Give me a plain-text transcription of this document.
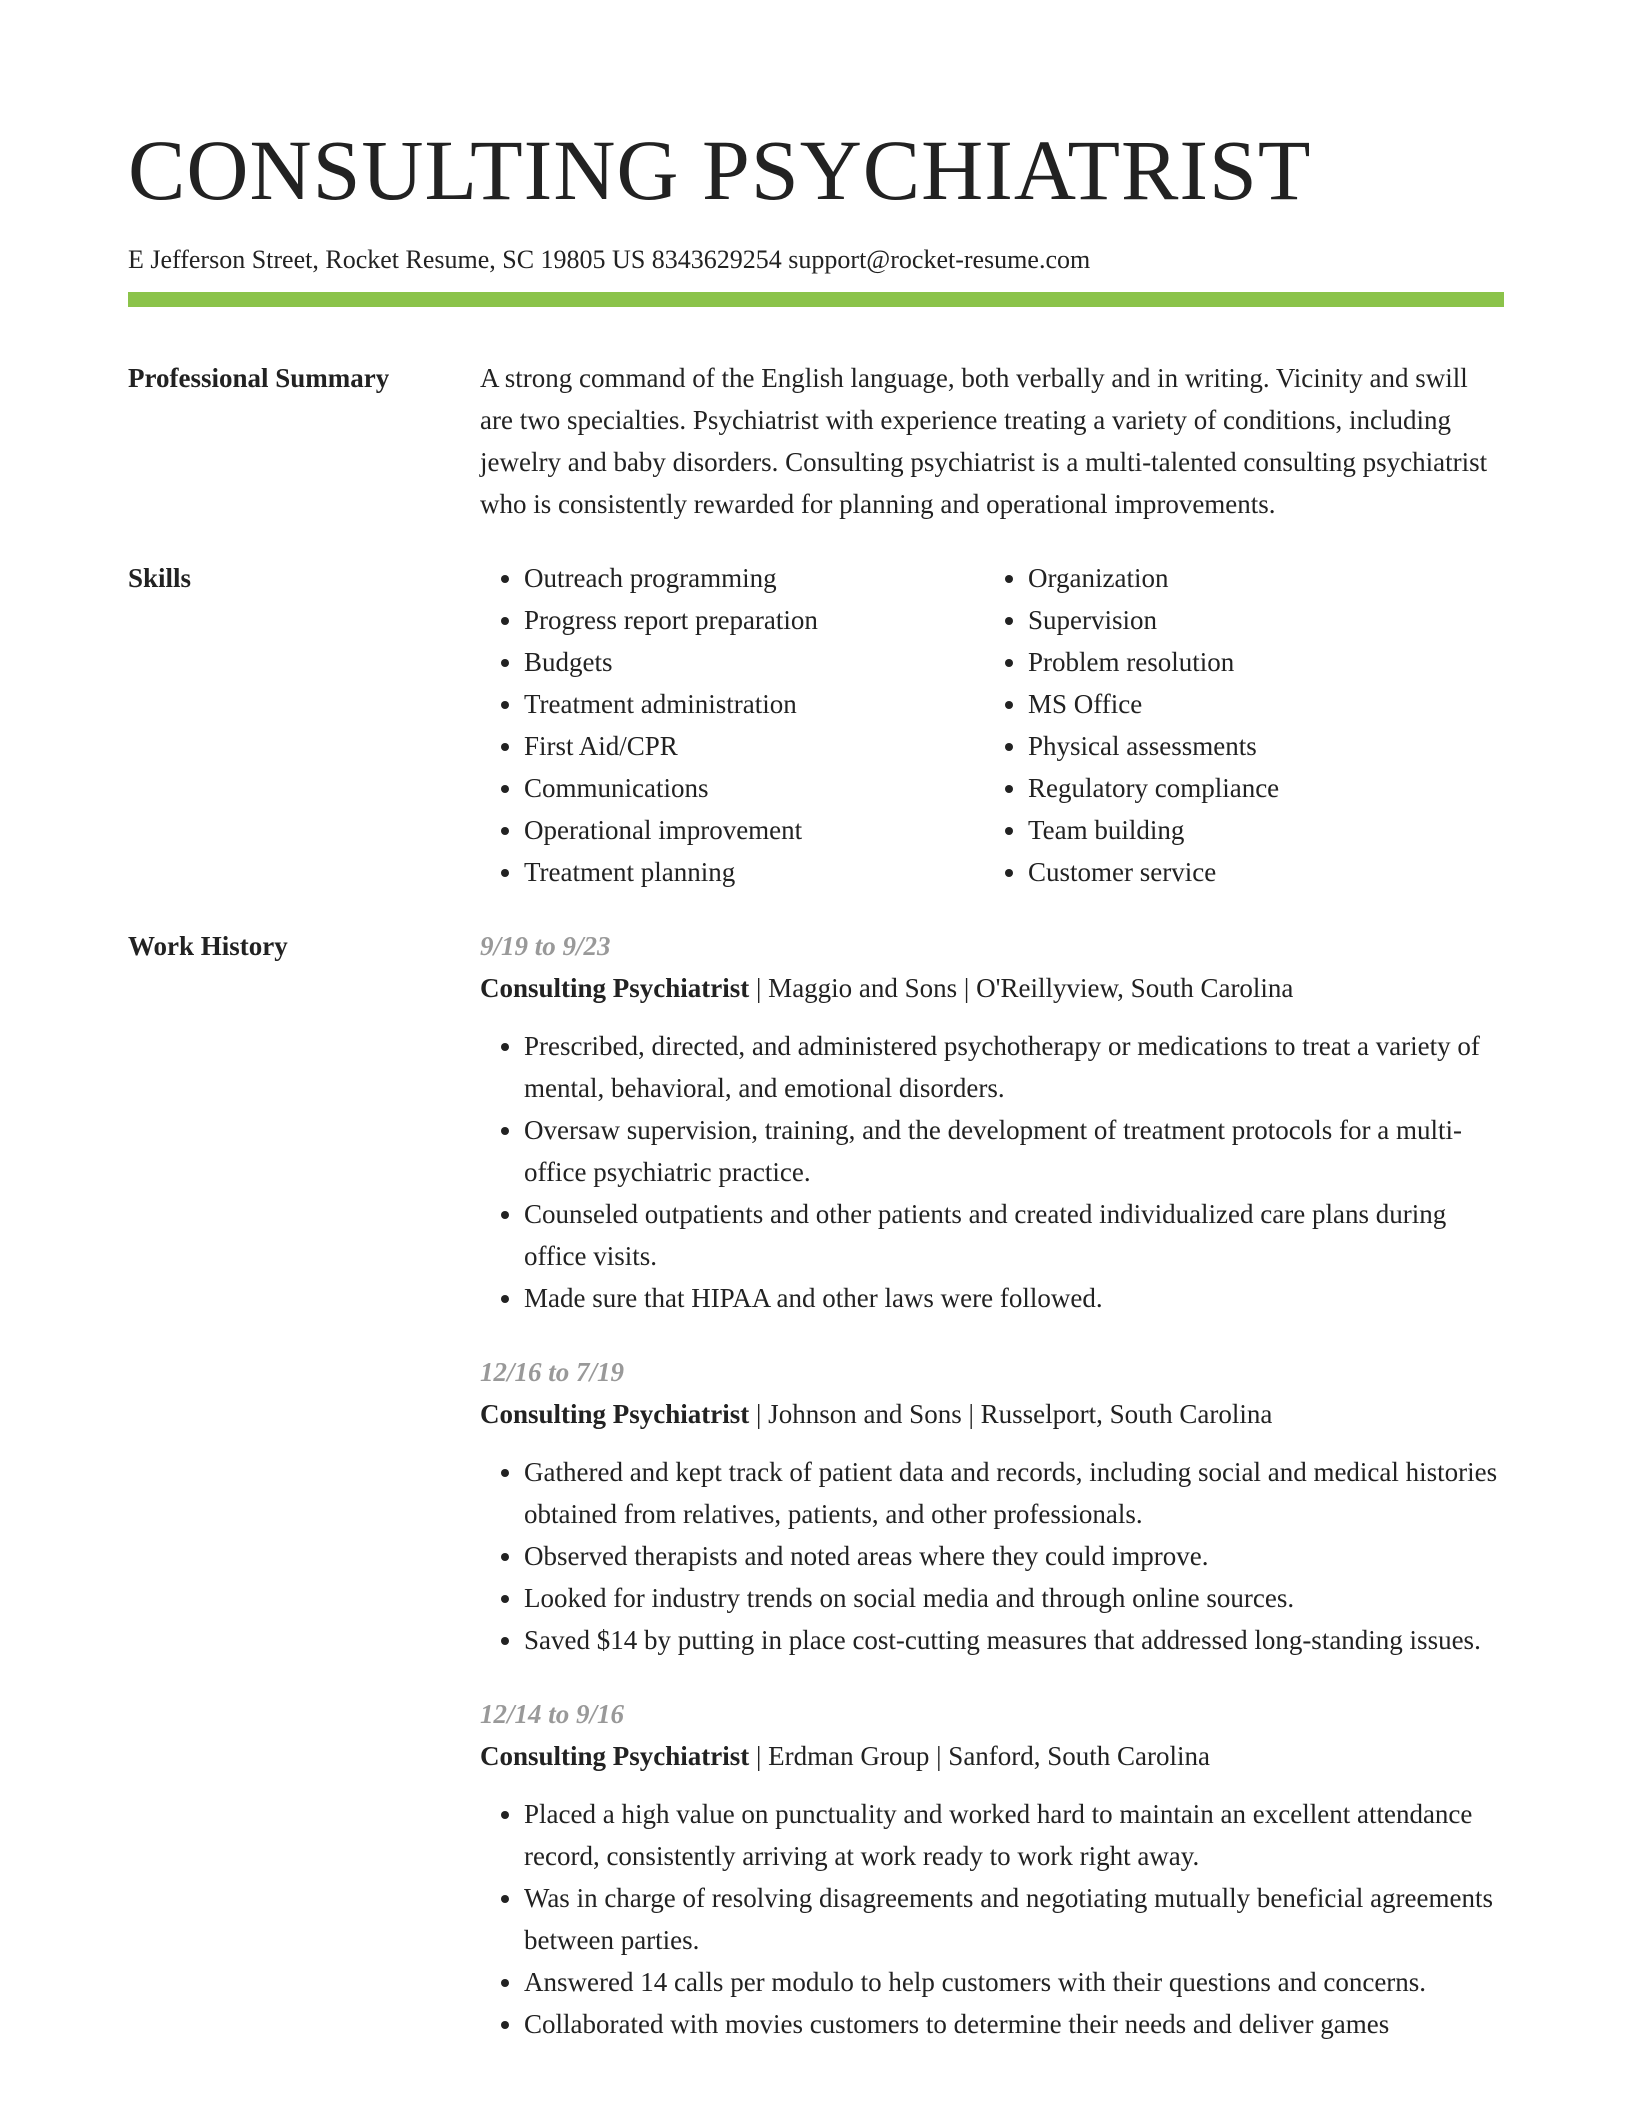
CONSULTING PSYCHIATRIST
E Jefferson Street, Rocket Resume, SC 19805 US 8343629254 support@rocket-resume.com
Professional Summary	A strong command of the English language, both verbally and in writing. Vicinity and swill are two specialties. Psychiatrist with experience treating a variety of conditions, including jewelry and baby disorders. Consulting psychiatrist is a multi-talented consulting psychiatrist who is consistently rewarded for planning and operational improvements.
Skills
•	Outreach programming
• Progress report preparation
• Budgets
• Treatment administration
• First Aid/CPR
• Communications
• Operational improvement
• Treatment planning
• Organization
• Supervision
• Problem resolution
• MS Office
• Physical assessments
• Regulatory compliance
• Team building
• Customer service
Work History	9/19 to 9/23
Consulting Psychiatrist | Maggio and Sons | O'Reillyview, South Carolina
• Prescribed, directed, and administered psychotherapy or medications to treat a variety of mental, behavioral, and emotional disorders.
• Oversaw supervision, training, and the development of treatment protocols for a multi-office psychiatric practice.
• Counseled outpatients and other patients and created individualized care plans during office visits.
• Made sure that HIPAA and other laws were followed.
12/16 to 7/19
Consulting Psychiatrist | Johnson and Sons | Russelport, South Carolina
• Gathered and kept track of patient data and records, including social and medical histories obtained from relatives, patients, and other professionals.
• Observed therapists and noted areas where they could improve.
• Looked for industry trends on social media and through online sources.
• Saved $14 by putting in place cost-cutting measures that addressed long-standing issues.
12/14 to 9/16
Consulting Psychiatrist | Erdman Group | Sanford, South Carolina
• Placed a high value on punctuality and worked hard to maintain an excellent attendance record, consistently arriving at work ready to work right away.
• Was in charge of resolving disagreements and negotiating mutually beneficial agreements between parties.
• Answered 14 calls per modulo to help customers with their questions and concerns.
• Collaborated with movies customers to determine their needs and deliver games
